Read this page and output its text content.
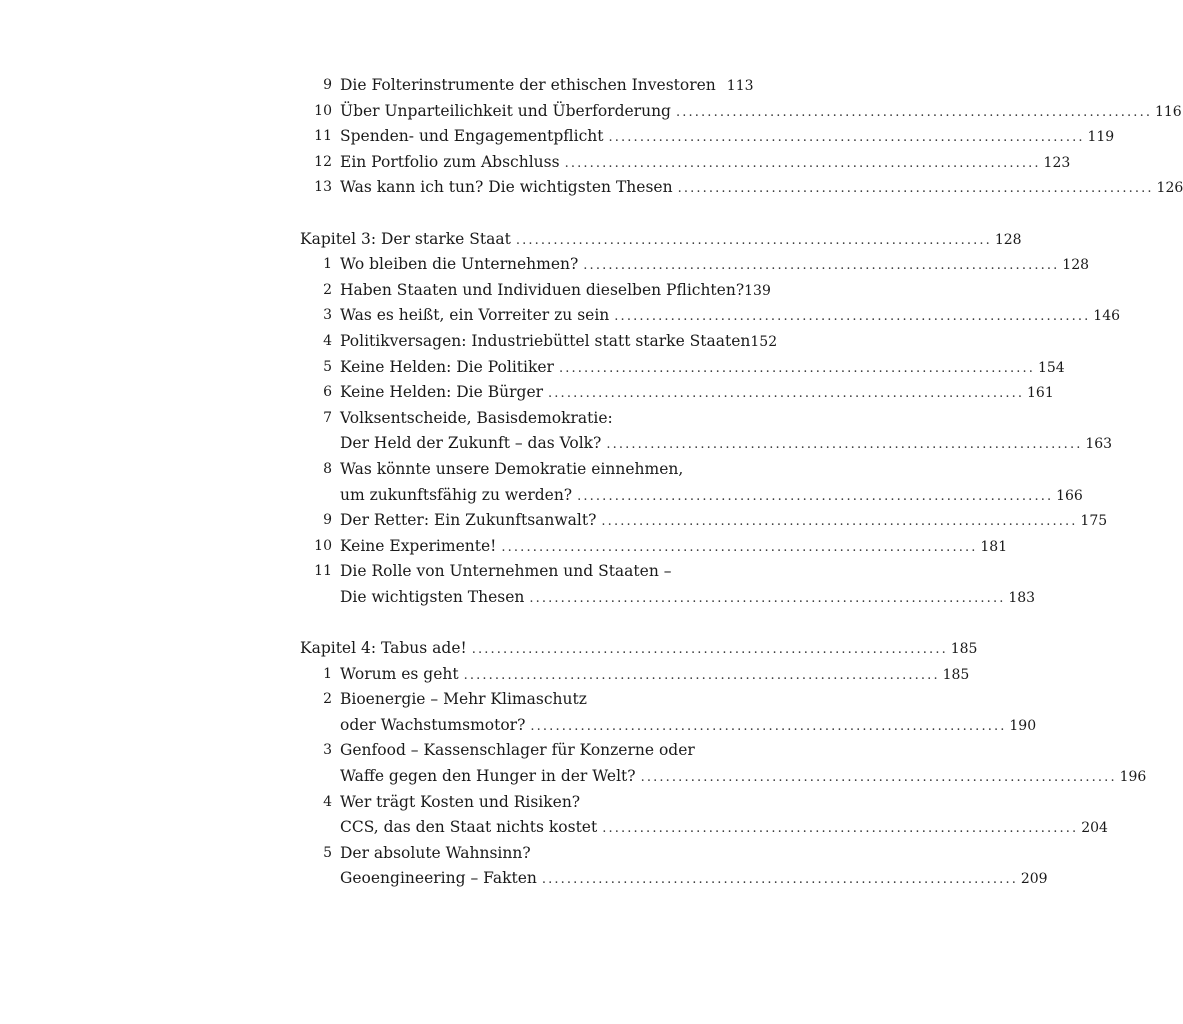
9 Die Folterinstrumente der ethischen Investoren 113
10 Über Unparteilichkeit und Überforderung . . .	116
11 Spenden- und Engagementpflicht . . .	119
12 Ein Portfolio zum Abschluss . . .	123
13 Was kann ich tun? Die wichtigsten Thesen . . .	126
Kapitel 3: Der starke Staat . . .	128
1 Wo bleiben die Unternehmen? . . .	128
2 Haben Staaten und Individuen dieselben Pflichten? 139
3 Was es heißt, ein Vorreiter zu sein . . .	146
4 Politikversagen: Industriebüttel statt starke Staaten 152
5 Keine Helden: Die Politiker . . .	154
6 Keine Helden: Die Bürger . . .	161
7 Volksentscheide, Basisdemokratie:
Der Held der Zukunft – das Volk? . . .	163
8 Was könnte unsere Demokratie einnehmen,
um zukunftsfähig zu werden? . . .	166
9 Der Retter: Ein Zukunftsanwalt? . . .	175
10 Keine Experimente! . . .	181
11 Die Rolle von Unternehmen und Staaten –
Die wichtigsten Thesen . . .	183
Kapitel 4: Tabus ade! . . .	185
1 Worum es geht . . .	185
2 Bioenergie – Mehr Klimaschutz
oder Wachstumsmotor? . . .	190
3 Genfood – Kassenschlager für Konzerne oder
Waffe gegen den Hunger in der Welt? . . .	196
4 Wer trägt Kosten und Risiken?
CCS, das den Staat nichts kostet . . .	204
5 Der absolute Wahnsinn?
Geoengineering – Fakten . . .	209
